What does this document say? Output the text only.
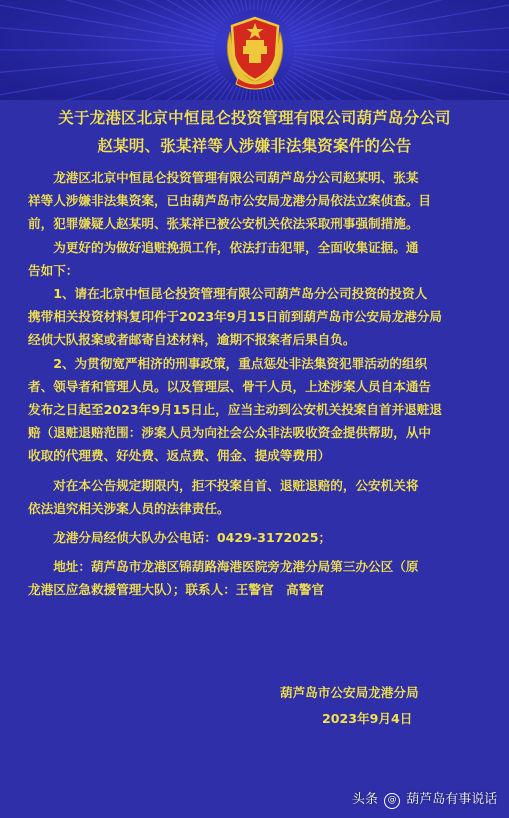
关于龙港区北京中恒昆仑投资管理有限公司葫芦岛分公司
赵某明、张某祥等人涉嫌非法集资案件的公告
龙港区北京中恒昆仑投资管理有限公司葫芦岛分公司赵某明、张某
祥等人涉嫌非法集资案，已由葫芦岛市公安局龙港分局依法立案侦查。目
前，犯罪嫌疑人赵某明、张某祥已被公安机关依法采取刑事强制措施。
为更好的为做好追赃挽损工作，依法打击犯罪，全面收集证据。通
告如下：
1、请在北京中恒昆仑投资管理有限公司葫芦岛分公司投资的投资人
携带相关投资材料复印件于2023年9月15日前到葫芦岛市公安局龙港分局
经侦大队报案或者邮寄自述材料，逾期不报案者后果自负。
2、为贯彻宽严相济的刑事政策，重点惩处非法集资犯罪活动的组织
者、领导者和管理人员。以及管理层、骨干人员，上述涉案人员自本通告
发布之日起至2023年9月15日止，应当主动到公安机关投案自首并退赃退
赔（退赃退赔范围：涉案人员为向社会公众非法吸收资金提供帮助，从中
收取的代理费、好处费、返点费、佣金、提成等费用）
对在本公告规定期限内，拒不投案自首、退赃退赔的，公安机关将
依法追究相关涉案人员的法律责任。
龙港分局经侦大队办公电话：0429-3172025；
地址：葫芦岛市龙港区锦葫路海港医院旁龙港分局第三办公区（原
龙港区应急救援管理大队）；联系人：王警官　高警官
葫芦岛市公安局龙港分局
2023年9月4日
头条 @ 葫芦岛有事说话
